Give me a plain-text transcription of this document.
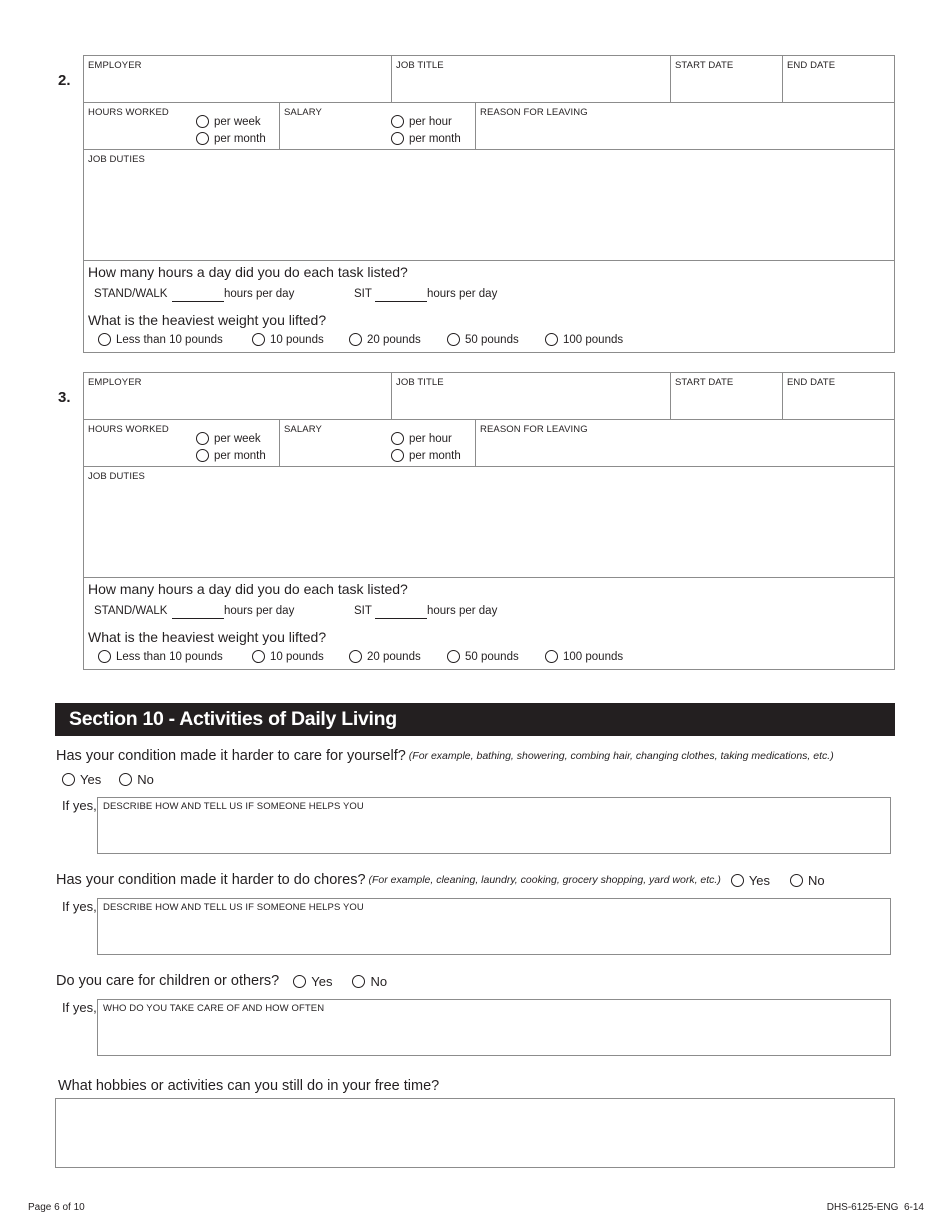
2.
EMPLOYER	JOB TITLE	START DATE	END DATE
HOURS WORKED
per week
per month
SALARY
per hour
per month
REASON FOR LEAVING
JOB DUTIES
How many hours a day did you do each task listed?
STAND/WALK	hours per day	SIT	hours per day
What is the heaviest weight you lifted?
Less than 10 pounds	10 pounds	20 pounds	50 pounds	100 pounds
3.
EMPLOYER	JOB TITLE	START DATE	END DATE
HOURS WORKED
per week
per month
SALARY
per hour
per month
REASON FOR LEAVING
JOB DUTIES
How many hours a day did you do each task listed?
STAND/WALK	hours per day	SIT	hours per day
What is the heaviest weight you lifted?
Less than 10 pounds	10 pounds	20 pounds	50 pounds	100 pounds
Section 10 - Activities of Daily Living
Has your condition made it harder to care for yourself? (For example, bathing, showering, combing hair, changing clothes, taking medications, etc.)
Yes	No
If yes, DESCRIBE HOW AND TELL US IF SOMEONE HELPS YOU
Has your condition made it harder to do chores? (For example, cleaning, laundry, cooking, grocery shopping, yard work, etc.) Yes	No
If yes, DESCRIBE HOW AND TELL US IF SOMEONE HELPS YOU
Do you care for children or others? Yes	No
If yes, WHO DO YOU TAKE CARE OF AND HOW OFTEN
What hobbies or activities can you still do in your free time?
Page 6 of 10	DHS-6125-ENG  6-14
